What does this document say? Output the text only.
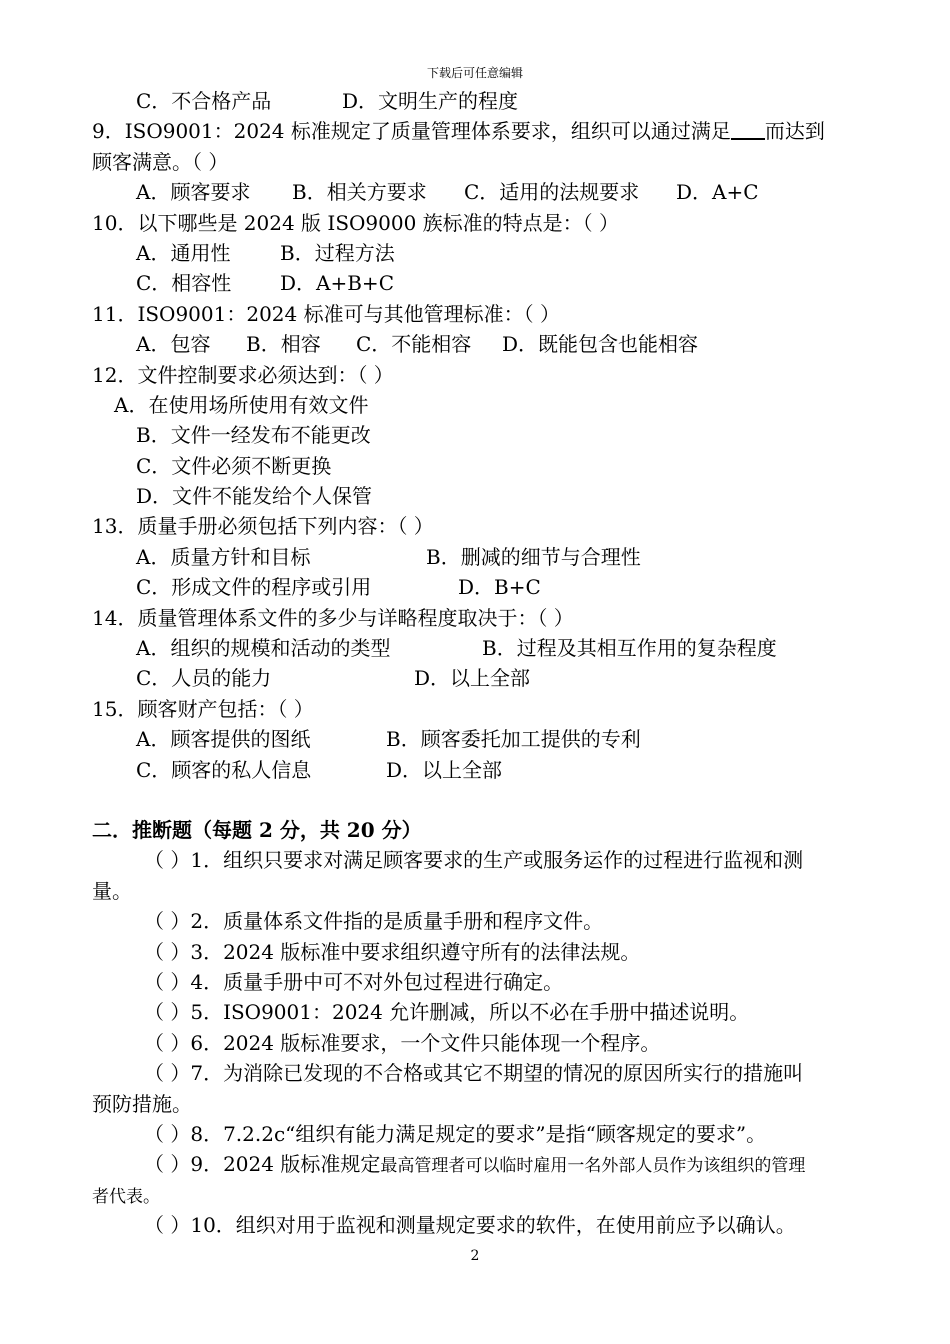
下载后可任意编辑
C．不合格产品	D．文明生产的程度
9．ISO9001：2024 标准规定了质量管理体系要求，组织可以通过满足 而达到
顾客满意。（ ）
A．顾客要求 B．相关方要求 C．适用的法规要求 D．A+C
10．以下哪些是 2024 版 ISO9000 族标准的特点是：（ ）
A．通用性 B．过程方法
C．相容性 D．A+B+C
11．ISO9001：2024 标准可与其他管理标准：（ ）
A．包容 B．相容 C．不能相容 D．既能包含也能相容
12．文件控制要求必须达到：（ ）
A．在使用场所使用有效文件
B．文件一经发布不能更改
C．文件必须不断更换
D．文件不能发给个人保管
13．质量手册必须包括下列内容：（ ）
A．质量方针和目标	B．删减的细节与合理性
C．形成文件的程序或引用	D．B+C
14．质量管理体系文件的多少与详略程度取决于：（ ）
A．组织的规模和活动的类型	B．过程及其相互作用的复杂程度
C．人员的能力	D．以上全部
15．顾客财产包括：（ ）
A．顾客提供的图纸	B．顾客委托加工提供的专利
C．顾客的私人信息	D．以上全部
二．推断题（每题 2 分，共 20 分）
（ ）1．组织只要求对满足顾客要求的生产或服务运作的过程进行监视和测
量。
（ ）2．质量体系文件指的是质量手册和程序文件。
（ ）3．2024 版标准中要求组织遵守所有的法律法规。
（ ）4．质量手册中可不对外包过程进行确定。
（ ）5．ISO9001：2024 允许删减，所以不必在手册中描述说明。
（ ）6．2024 版标准要求，一个文件只能体现一个程序。
（ ）7．为消除已发现的不合格或其它不期望的情况的原因所实行的措施叫
预防措施。
（ ）8．7.2.2c“组织有能力满足规定的要求”是指“顾客规定的要求”。
（ ）9．2024 版标准规定最高管理者可以临时雇用一名外部人员作为该组织的管理
者代表。
（ ）10．组织对用于监视和测量规定要求的软件，在使用前应予以确认。
2
